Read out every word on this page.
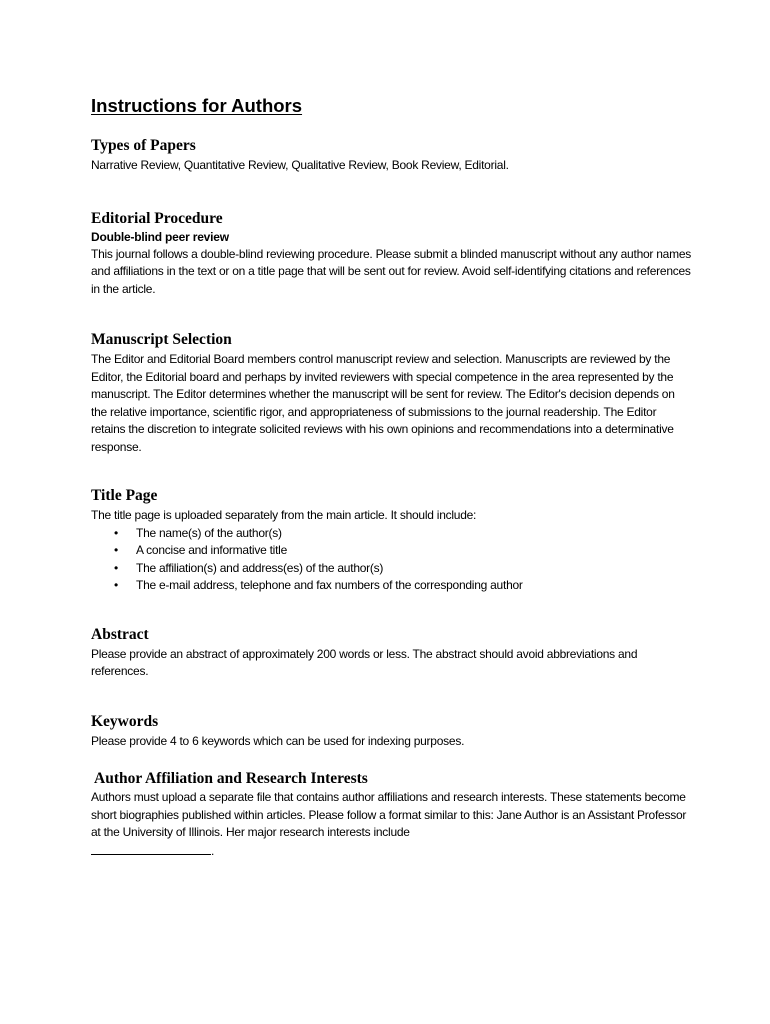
Instructions for Authors
Types of Papers

Narrative Review, Quantitative Review, Qualitative Review, Book Review, Editorial.

Editorial Procedure

Double-blind peer review

This journal follows a double-blind reviewing procedure. Please submit a blinded manuscript without any author names and affiliations in the text or on a title page that will be sent out for review. Avoid self-identifying citations and references in the article.

Manuscript Selection

The Editor and Editorial Board members control manuscript review and selection. Manuscripts are reviewed by the Editor, the Editorial board and perhaps by invited reviewers with special competence in the area represented by the manuscript. The Editor determines whether the manuscript will be sent for review. The Editor's decision depends on the relative importance, scientific rigor, and appropriateness of submissions to the journal readership. The Editor retains the discretion to integrate solicited reviews with his own opinions and recommendations into a determinative response.

Title Page

The title page is uploaded separately from the main article. It should include:

• The name(s) of the author(s)
• A concise and informative title
• The affiliation(s) and address(es) of the author(s)
• The e-mail address, telephone and fax numbers of the corresponding author
Abstract

Please provide an abstract of approximately 200 words or less. The abstract should avoid abbreviations and references.

Keywords

Please provide 4 to 6 keywords which can be used for indexing purposes.

Author Affiliation and Research Interests

Authors must upload a separate file that contains author affiliations and research interests. These statements become short biographies published within articles. Please follow a format similar to this: Jane Author is an Assistant Professor at the University of Illinois. Her major research interests include
.
